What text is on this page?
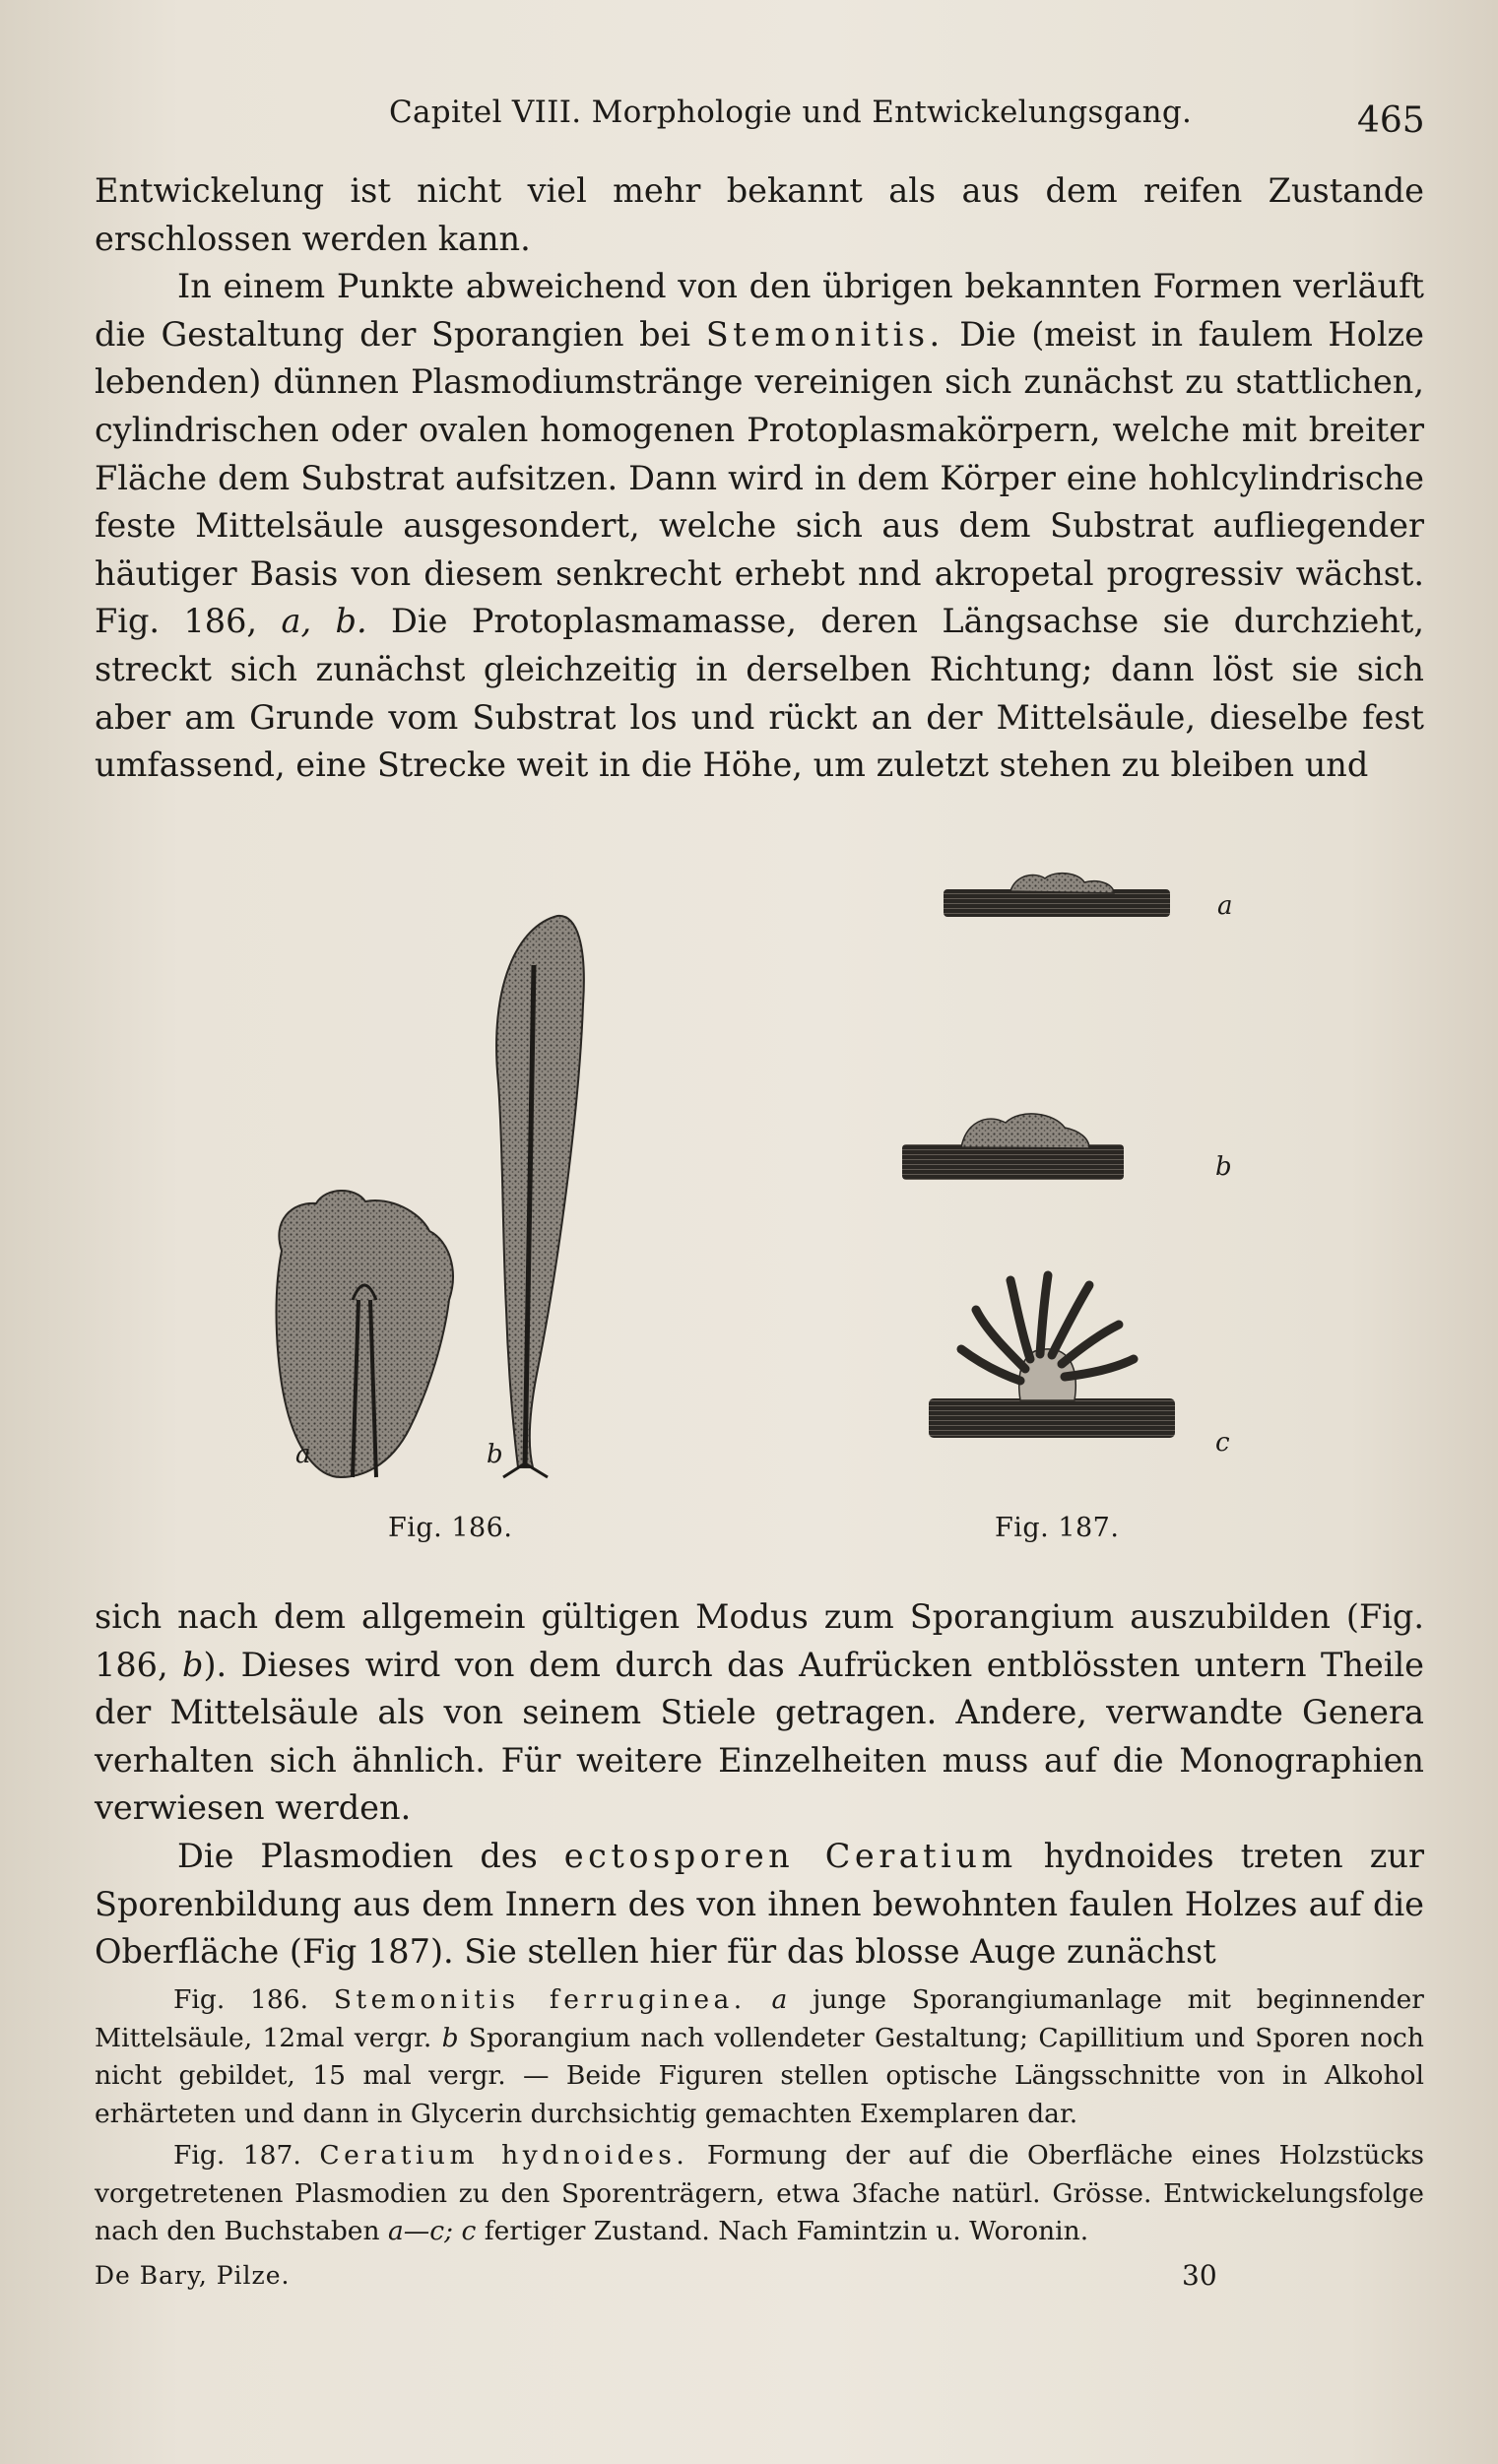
Capitel VIII. Morphologie und Entwickelungsgang.	465

Entwickelung ist nicht viel mehr bekannt als aus dem reifen Zustande erschlossen werden kann.

In einem Punkte abweichend von den übrigen bekannten Formen verläuft die Gestaltung der Sporangien bei Stemonitis. Die (meist in faulem Holze lebenden) dünnen Plasmodiumstränge vereinigen sich zunächst zu stattlichen, cylindrischen oder ovalen homogenen Protoplasmakörpern, welche mit breiter Fläche dem Substrat aufsitzen. Dann wird in dem Körper eine hohlcylindrische feste Mittelsäule ausgesondert, welche sich aus dem Substrat aufliegender häutiger Basis von diesem senkrecht erhebt nnd akropetal progressiv wächst. Fig. 186, a, b. Die Protoplasmamasse, deren Längsachse sie durchzieht, streckt sich zunächst gleichzeitig in derselben Richtung; dann löst sie sich aber am Grunde vom Substrat los und rückt an der Mittelsäule, dieselbe fest umfassend, eine Strecke weit in die Höhe, um zuletzt stehen zu bleiben und

a	b
a
b
c
Fig. 186.	Fig. 187.

sich nach dem allgemein gültigen Modus zum Sporangium auszubilden (Fig. 186, b). Dieses wird von dem durch das Aufrücken entblössten untern Theile der Mittelsäule als von seinem Stiele getragen. Andere, verwandte Genera verhalten sich ähnlich. Für weitere Einzelheiten muss auf die Monographien verwiesen werden.

Die Plasmodien des ectosporen Ceratium hydnoides treten zur Sporenbildung aus dem Innern des von ihnen bewohnten faulen Holzes auf die Oberfläche (Fig 187). Sie stellen hier für das blosse Auge zunächst

Fig. 186. Stemonitis ferruginea. a junge Sporangiumanlage mit beginnender Mittelsäule, 12mal vergr. b Sporangium nach vollendeter Gestaltung; Capillitium und Sporen noch nicht gebildet, 15 mal vergr. — Beide Figuren stellen optische Längsschnitte von in Alkohol erhärteten und dann in Glycerin durchsichtig gemachten Exemplaren dar.

Fig. 187. Ceratium hydnoides. Formung der auf die Oberfläche eines Holzstücks vorgetretenen Plasmodien zu den Sporenträgern, etwa 3fache natürl. Grösse. Entwickelungsfolge nach den Buchstaben a—c; c fertiger Zustand. Nach Famintzin u. Woronin.

De Bary, Pilze.	30
